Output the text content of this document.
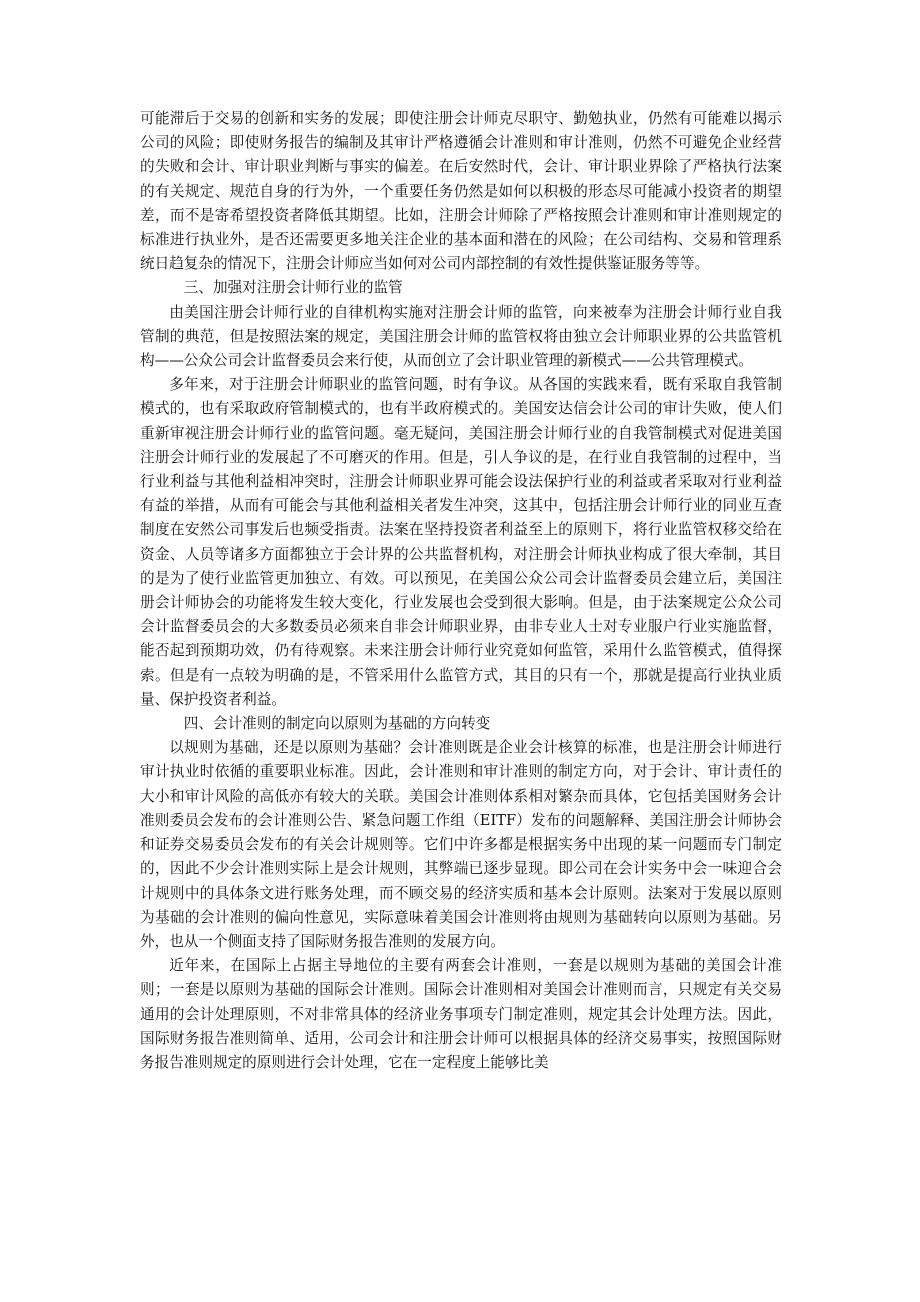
可能滞后于交易的创新和实务的发展；即使注册会计师克尽职守、勤勉执业，仍然有可能难以揭示公司的风险；即使财务报告的编制及其审计严格遵循会计准则和审计准则，仍然不可避免企业经营的失败和会计、审计职业判断与事实的偏差。在后安然时代，会计、审计职业界除了严格执行法案的有关规定、规范自身的行为外，一个重要任务仍然是如何以积极的形态尽可能减小投资者的期望差，而不是寄希望投资者降低其期望。比如，注册会计师除了严格按照会计准则和审计准则规定的标准进行执业外，是否还需要更多地关注企业的基本面和潜在的风险；在公司结构、交易和管理系统日趋复杂的情况下，注册会计师应当如何对公司内部控制的有效性提供鉴证服务等等。

三、加强对注册会计师行业的监管

由美国注册会计师行业的自律机构实施对注册会计师的监管，向来被奉为注册会计师行业自我管制的典范，但是按照法案的规定，美国注册会计师的监管权将由独立会计师职业界的公共监管机构——公众公司会计监督委员会来行使，从而创立了会计职业管理的新模式——公共管理模式。

多年来，对于注册会计师职业的监管问题，时有争议。从各国的实践来看，既有采取自我管制模式的，也有采取政府管制模式的，也有半政府模式的。美国安达信会计公司的审计失败，使人们重新审视注册会计师行业的监管问题。毫无疑问，美国注册会计师行业的自我管制模式对促进美国注册会计师行业的发展起了不可磨灭的作用。但是，引人争议的是，在行业自我管制的过程中，当行业利益与其他利益相冲突时，注册会计师职业界可能会设法保护行业的利益或者采取对行业利益有益的举措，从而有可能会与其他利益相关者发生冲突，这其中，包括注册会计师行业的同业互查制度在安然公司事发后也频受指责。法案在坚持投资者利益至上的原则下，将行业监管权移交给在资金、人员等诸多方面都独立于会计界的公共监督机构，对注册会计师执业构成了很大牵制，其目的是为了使行业监管更加独立、有效。可以预见，在美国公众公司会计监督委员会建立后，美国注册会计师协会的功能将发生较大变化，行业发展也会受到很大影响。但是，由于法案规定公众公司会计监督委员会的大多数委员必须来自非会计师职业界，由非专业人士对专业服户行业实施监督，能否起到预期功效，仍有待观察。未来注册会计师行业究竟如何监管，采用什么监管模式，值得探索。但是有一点较为明确的是，不管采用什么监管方式，其目的只有一个，那就是提高行业执业质量、保护投资者利益。

四、会计准则的制定向以原则为基础的方向转变

以规则为基础，还是以原则为基础？会计准则既是企业会计核算的标准，也是注册会计师进行审计执业时依循的重要职业标准。因此，会计准则和审计准则的制定方向，对于会计、审计责任的大小和审计风险的高低亦有较大的关联。美国会计准则体系相对繁杂而具体，它包括美国财务会计准则委员会发布的会计准则公告、紧急问题工作组（EITF）发布的问题解释、美国注册会计师协会和证券交易委员会发布的有关会计规则等。它们中许多都是根据实务中出现的某一问题而专门制定的，因此不少会计准则实际上是会计规则，其弊端已逐步显现。即公司在会计实务中会一味迎合会计规则中的具体条文进行账务处理，而不顾交易的经济实质和基本会计原则。法案对于发展以原则为基础的会计准则的偏向性意见，实际意味着美国会计准则将由规则为基础转向以原则为基础。另外，也从一个侧面支持了国际财务报告准则的发展方向。

近年来，在国际上占据主导地位的主要有两套会计准则，一套是以规则为基础的美国会计准则；一套是以原则为基础的国际会计准则。国际会计准则相对美国会计准则而言，只规定有关交易通用的会计处理原则，不对非常具体的经济业务事项专门制定准则，规定其会计处理方法。因此，国际财务报告准则简单、适用，公司会计和注册会计师可以根据具体的经济交易事实，按照国际财务报告准则规定的原则进行会计处理，它在一定程度上能够比美
